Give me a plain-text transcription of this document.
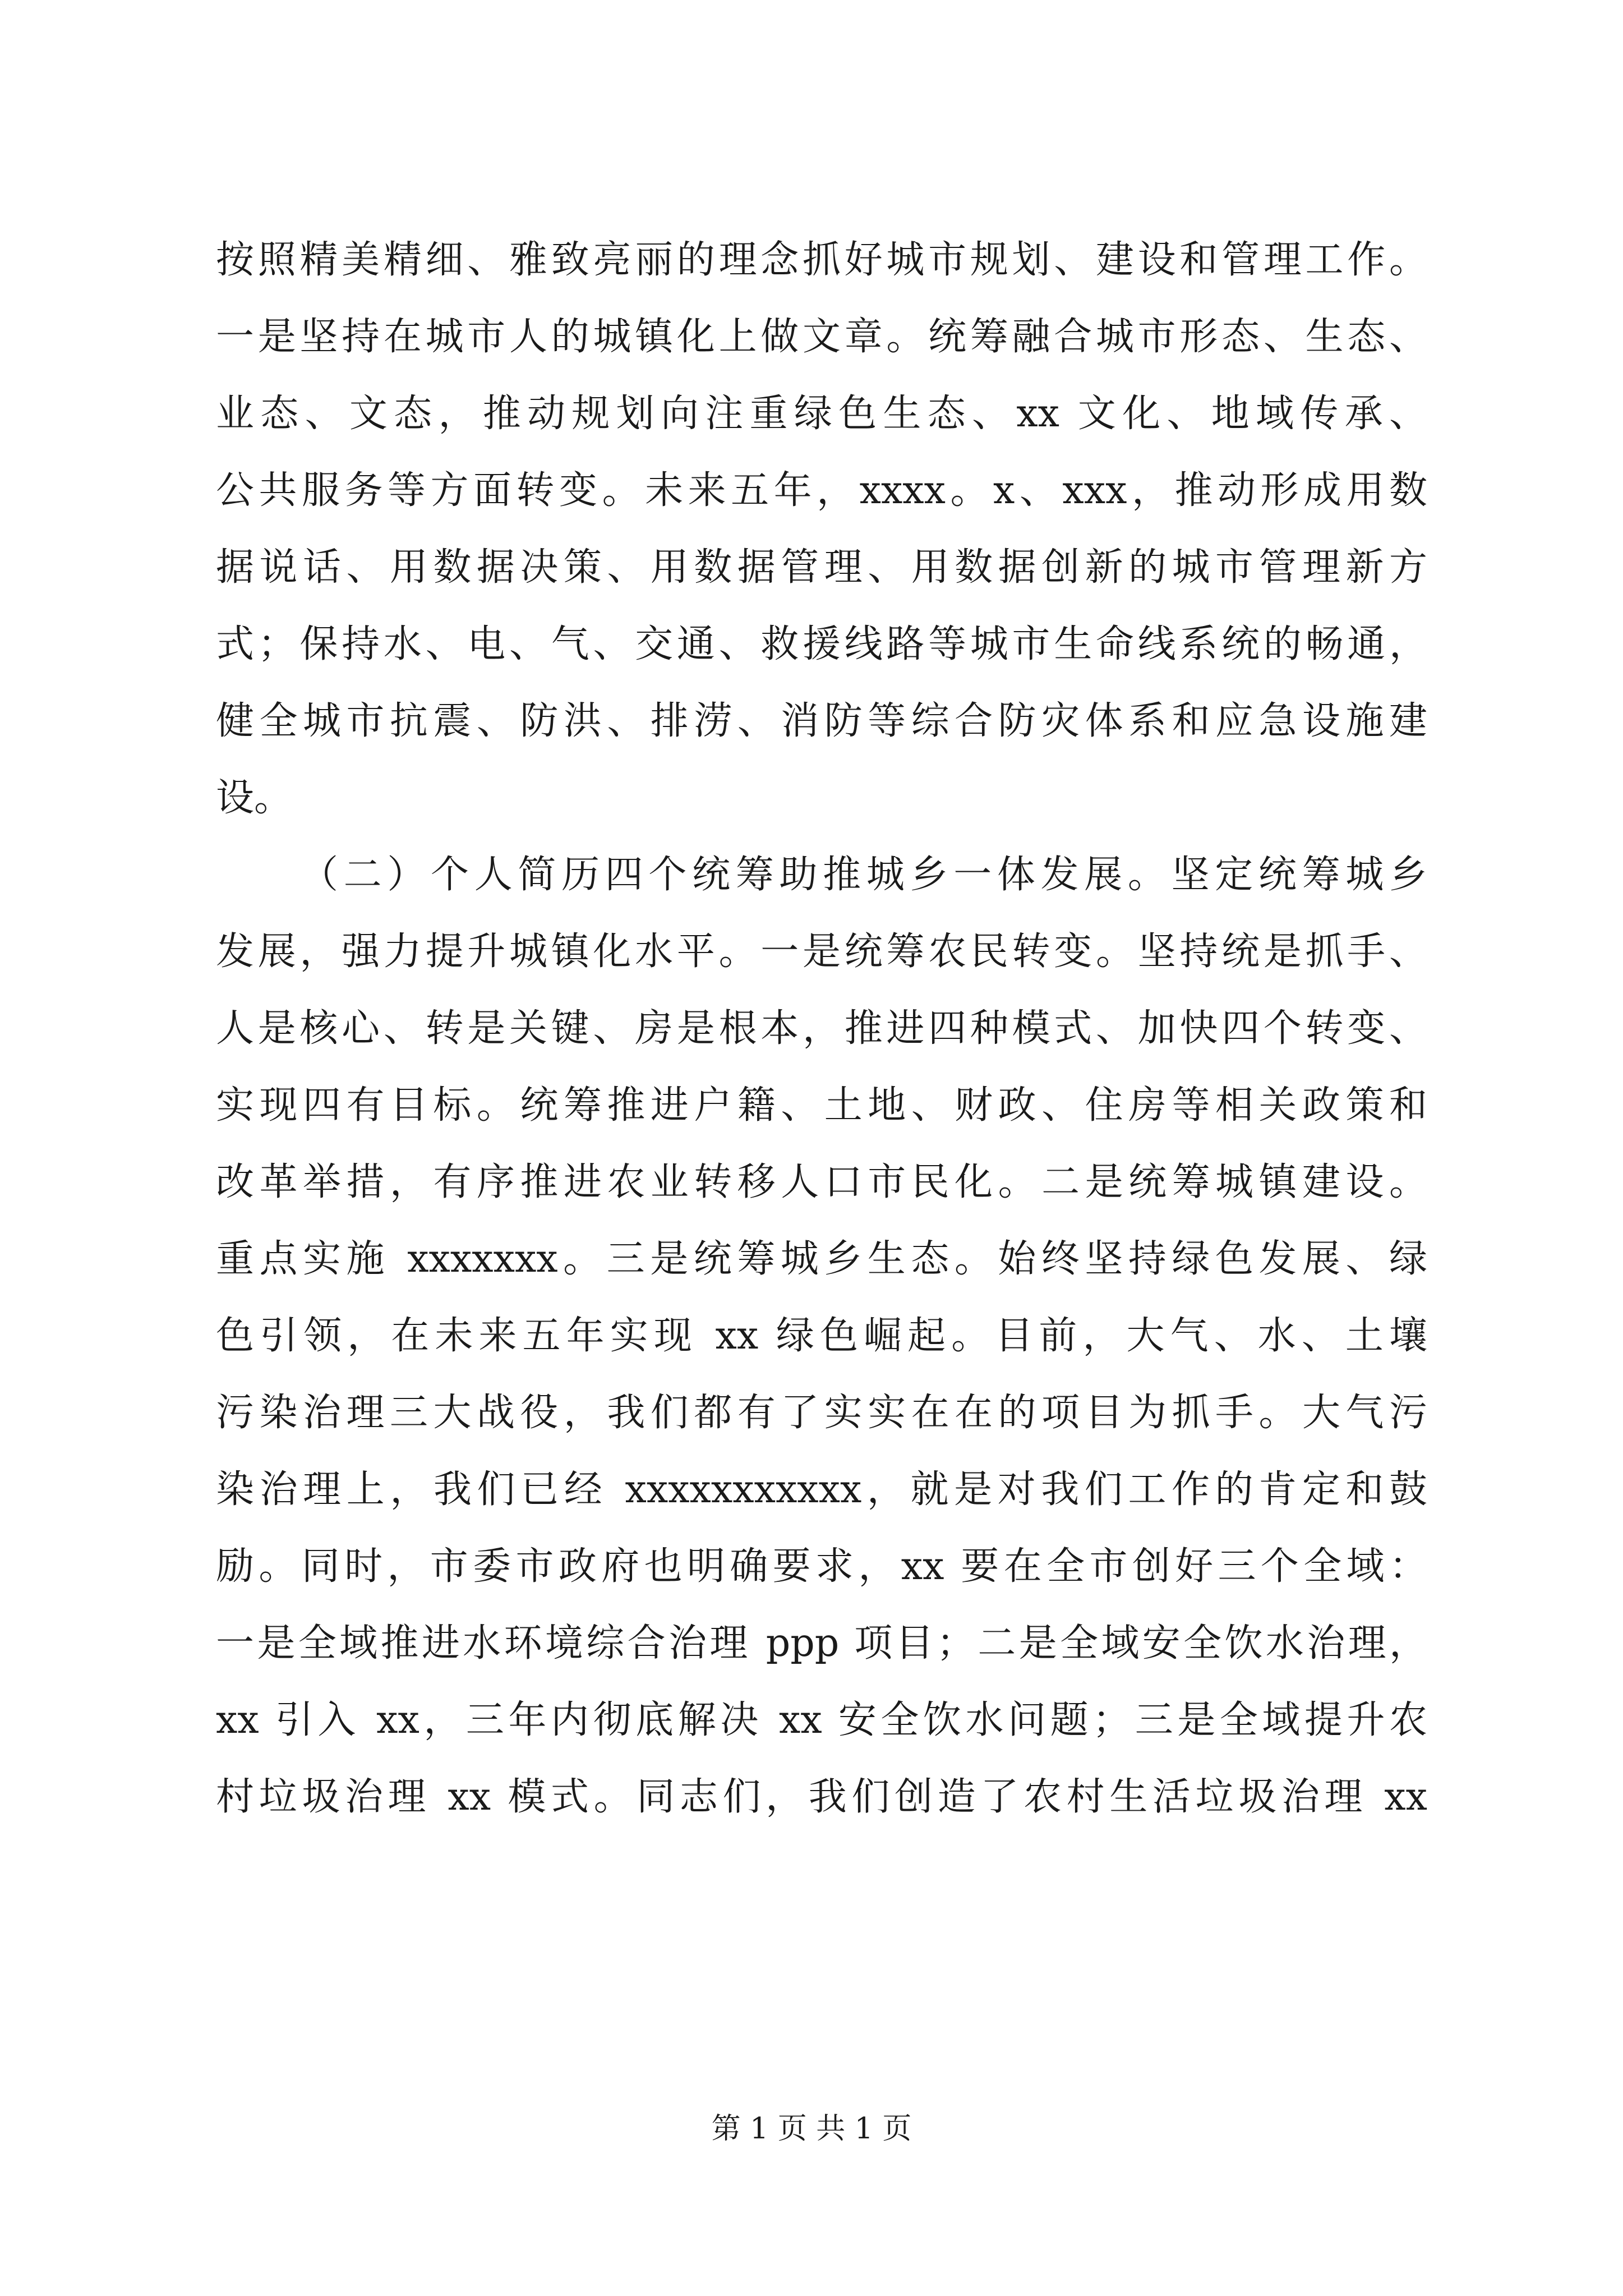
按照精美精细、雅致亮丽的理念抓好城市规划、建设和管理工作。
一是坚持在城市人的城镇化上做文章。统筹融合城市形态、生态、
业态、文态，推动规划向注重绿色生态、xx 文化、地域传承、
公共服务等方面转变。未来五年，xxxx。x、xxx，推动形成用数
据说话、用数据决策、用数据管理、用数据创新的城市管理新方
式；保持水、电、气、交通、救援线路等城市生命线系统的畅通，
健全城市抗震、防洪、排涝、消防等综合防灾体系和应急设施建
设。
（二）个人简历四个统筹助推城乡一体发展。坚定统筹城乡
发展，强力提升城镇化水平。一是统筹农民转变。坚持统是抓手、
人是核心、转是关键、房是根本，推进四种模式、加快四个转变、
实现四有目标。统筹推进户籍、土地、财政、住房等相关政策和
改革举措，有序推进农业转移人口市民化。二是统筹城镇建设。
重点实施 xxxxxxx。三是统筹城乡生态。始终坚持绿色发展、绿
色引领，在未来五年实现 xx 绿色崛起。目前，大气、水、土壤
污染治理三大战役，我们都有了实实在在的项目为抓手。大气污
染治理上，我们已经 xxxxxxxxxxx，就是对我们工作的肯定和鼓
励。同时，市委市政府也明确要求，xx 要在全市创好三个全域：
一是全域推进水环境综合治理 ppp 项目；二是全域安全饮水治理，
xx 引入 xx，三年内彻底解决 xx 安全饮水问题；三是全域提升农
村垃圾治理 xx 模式。同志们，我们创造了农村生活垃圾治理 xx
第 1 页 共 1 页
